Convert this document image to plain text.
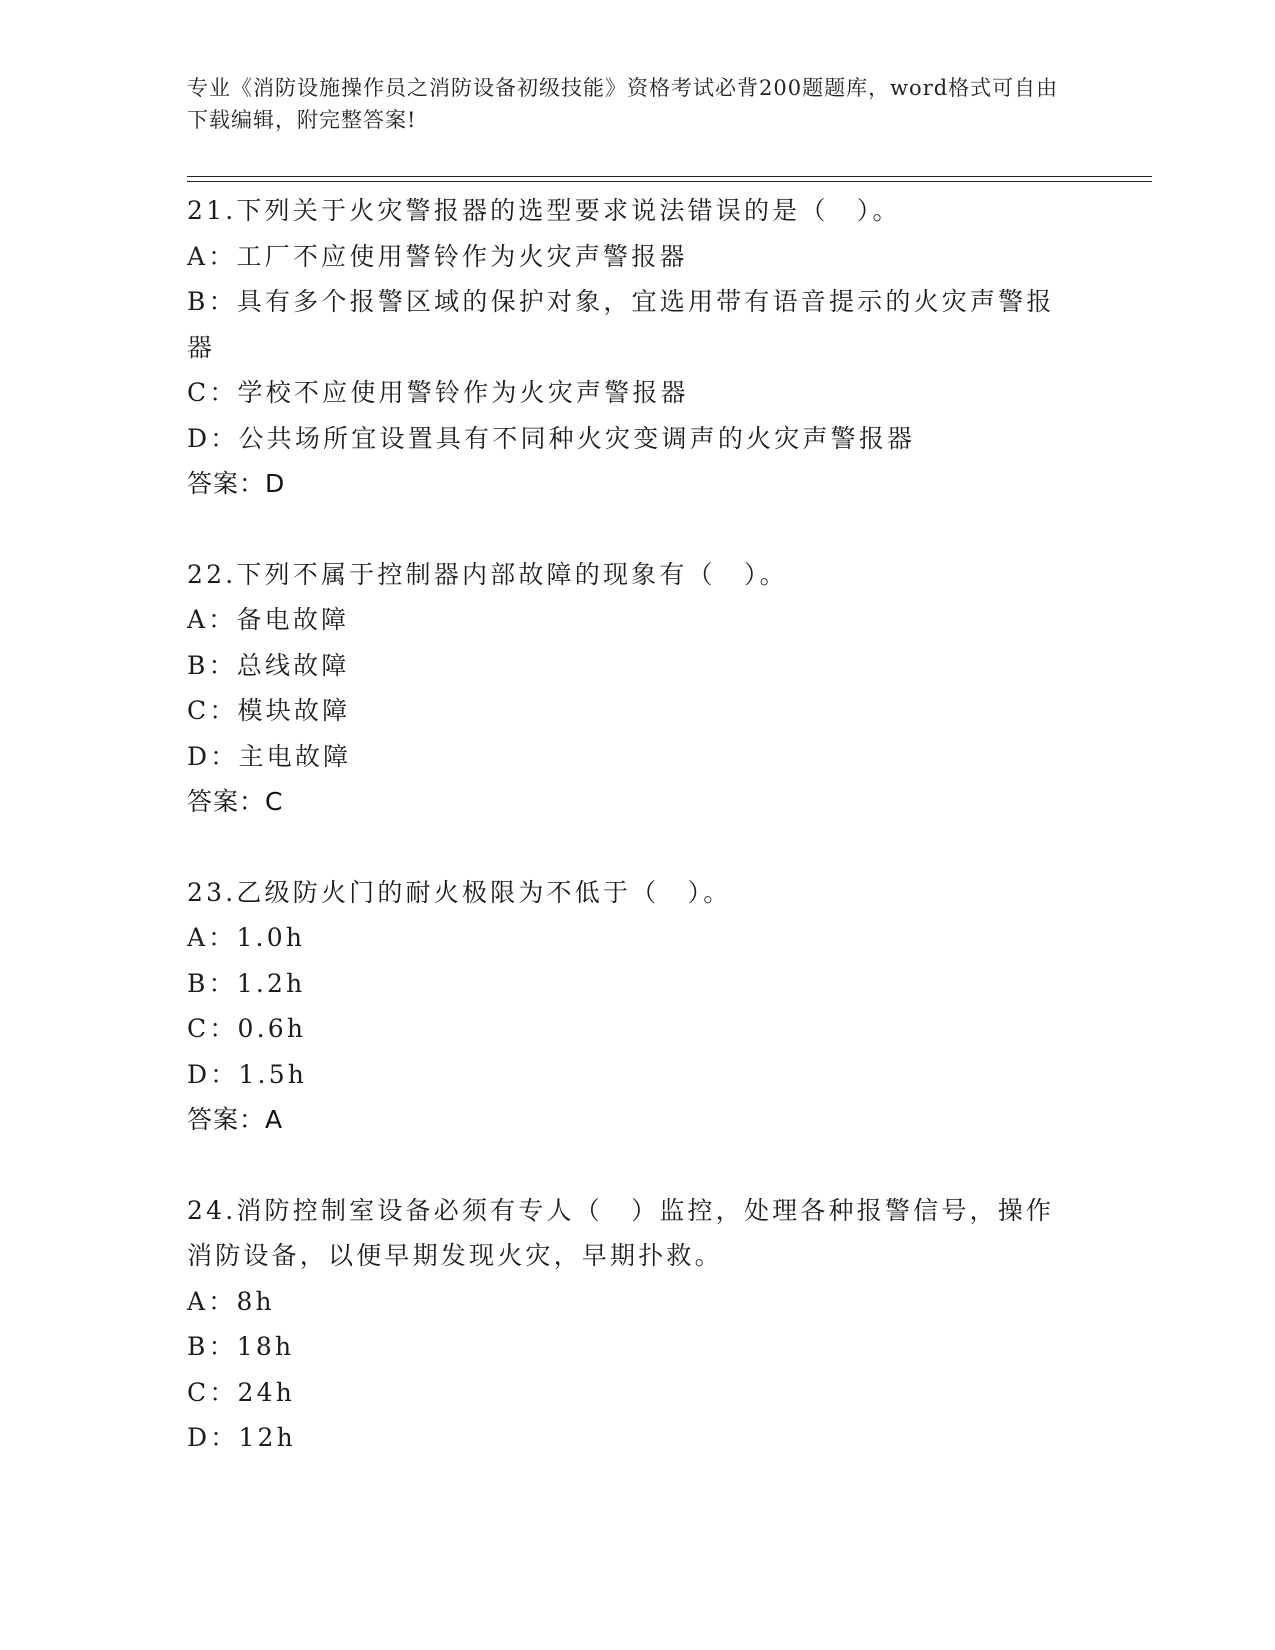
专业《消防设施操作员之消防设备初级技能》资格考试必背200题题库，word格式可自由下载编辑，附完整答案!
21.下列关于火灾警报器的选型要求说法错误的是（　）。
A：工厂不应使用警铃作为火灾声警报器
B：具有多个报警区域的保护对象，宜选用带有语音提示的火灾声警报器
C：学校不应使用警铃作为火灾声警报器
D：公共场所宜设置具有不同种火灾变调声的火灾声警报器
答案：D
22.下列不属于控制器内部故障的现象有（　）。
A：备电故障
B：总线故障
C：模块故障
D：主电故障
答案：C
23.乙级防火门的耐火极限为不低于（　）。
A：1.0h
B：1.2h
C：0.6h
D：1.5h
答案：A
24.消防控制室设备必须有专人（　）监控，处理各种报警信号，操作消防设备，以便早期发现火灾，早期扑救。
A：8h
B：18h
C：24h
D：12h
